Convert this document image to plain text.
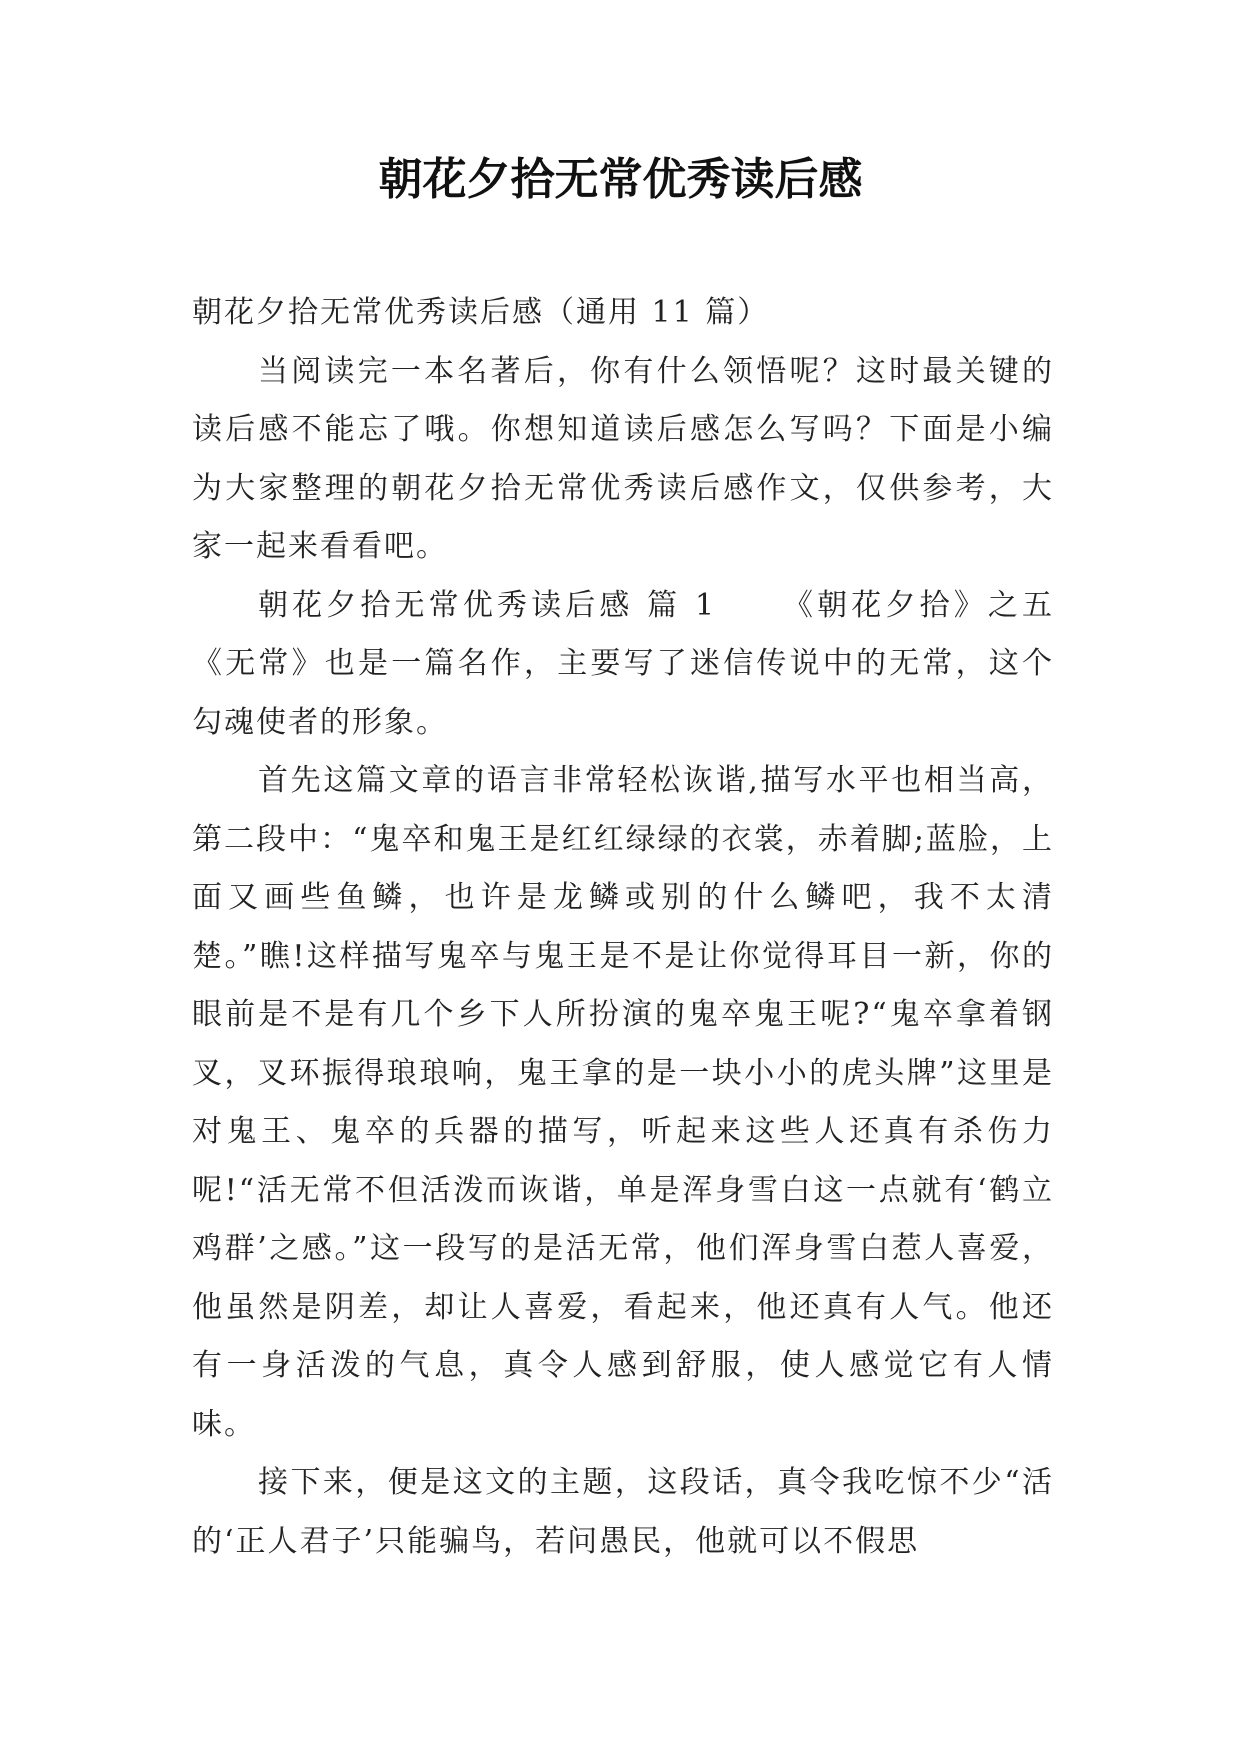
朝花夕拾无常优秀读后感

朝花夕拾无常优秀读后感（通用 11 篇）

当阅读完一本名著后，你有什么领悟呢？这时最关键的读后感不能忘了哦。你想知道读后感怎么写吗？下面是小编为大家整理的朝花夕拾无常优秀读后感作文，仅供参考，大家一起来看看吧。

朝花夕拾无常优秀读后感 篇 1 　　《朝花夕拾》之五《无常》也是一篇名作，主要写了迷信传说中的无常，这个勾魂使者的形象。

首先这篇文章的语言非常轻松诙谐,描写水平也相当高，第二段中：“鬼卒和鬼王是红红绿绿的衣裳，赤着脚;蓝脸，上面又画些鱼鳞，也许是龙鳞或别的什么鳞吧，我不太清楚。”瞧!这样描写鬼卒与鬼王是不是让你觉得耳目一新，你的眼前是不是有几个乡下人所扮演的鬼卒鬼王呢?“鬼卒拿着钢叉，叉环振得琅琅响，鬼王拿的是一块小小的虎头牌”这里是对鬼王、鬼卒的兵器的描写，听起来这些人还真有杀伤力呢!“活无常不但活泼而诙谐，单是浑身雪白这一点就有‘鹤立鸡群’之感。”这一段写的是活无常，他们浑身雪白惹人喜爱，他虽然是阴差，却让人喜爱，看起来，他还真有人气。他还有一身活泼的气息，真令人感到舒服，使人感觉它有人情味。

接下来，便是这文的主题，这段话，真令我吃惊不少“活的‘正人君子’只能骗鸟，若问愚民，他就可以不假思
